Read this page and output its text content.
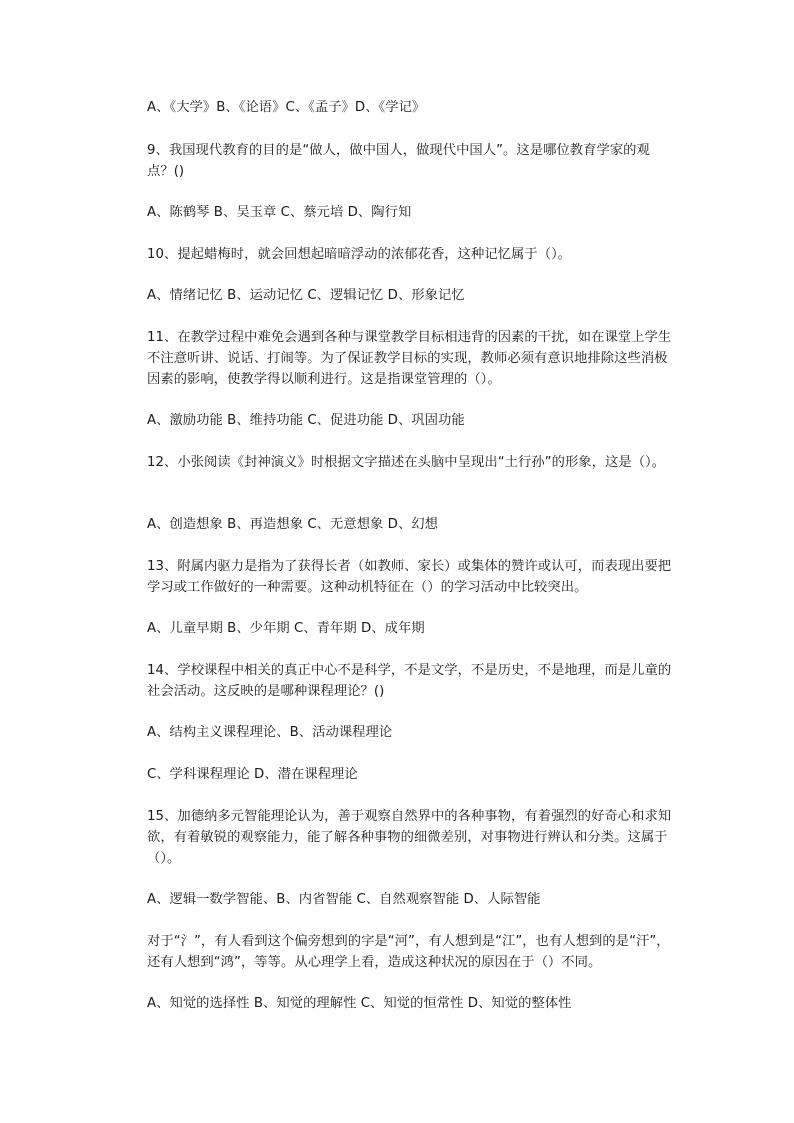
A、《大学》B、《论语》C、《孟子》D、《学记》

9、我国现代教育的目的是“做人，做中国人，做现代中国人”。这是哪位教育学家的观点？()

A、陈鹤琴 B、吴玉章 C、蔡元培 D、陶行知

10、提起蜡梅时，就会回想起暗暗浮动的浓郁花香，这种记忆属于（）。

A、情绪记忆 B、运动记忆 C、逻辑记忆 D、形象记忆

11、在教学过程中难免会遇到各种与课堂教学目标相违背的因素的干扰，如在课堂上学生不注意听讲、说话、打闹等。为了保证教学目标的实现，教师必须有意识地排除这些消极因素的影响，使教学得以顺利进行。这是指课堂管理的（）。

A、激励功能 B、维持功能 C、促进功能 D、巩固功能

12、小张阅读《封神演义》时根据文字描述在头脑中呈现出“土行孙”的形象，这是（）。

A、创造想象 B、再造想象 C、无意想象 D、幻想

13、附属内驱力是指为了获得长者（如教师、家长）或集体的赞许或认可，而表现出要把学习或工作做好的一种需要。这种动机特征在（）的学习活动中比较突出。

A、儿童早期 B、少年期 C、青年期 D、成年期

14、学校课程中相关的真正中心不是科学，不是文学，不是历史，不是地理，而是儿童的社会活动。这反映的是哪种课程理论？()

A、结构主义课程理论、B、活动课程理论

C、学科课程理论 D、潜在课程理论

15、加德纳多元智能理论认为，善于观察自然界中的各种事物，有着强烈的好奇心和求知欲，有着敏锐的观察能力，能了解各种事物的细微差别，对事物进行辨认和分类。这属于（）。

A、逻辑一数学智能、B、内省智能 C、自然观察智能 D、人际智能

对于“氵”，有人看到这个偏旁想到的字是“河”，有人想到是“江”，也有人想到的是“汗”，还有人想到“鸿”，等等。从心理学上看，造成这种状况的原因在于（）不同。

A、知觉的选择性 B、知觉的理解性 C、知觉的恒常性 D、知觉的整体性
